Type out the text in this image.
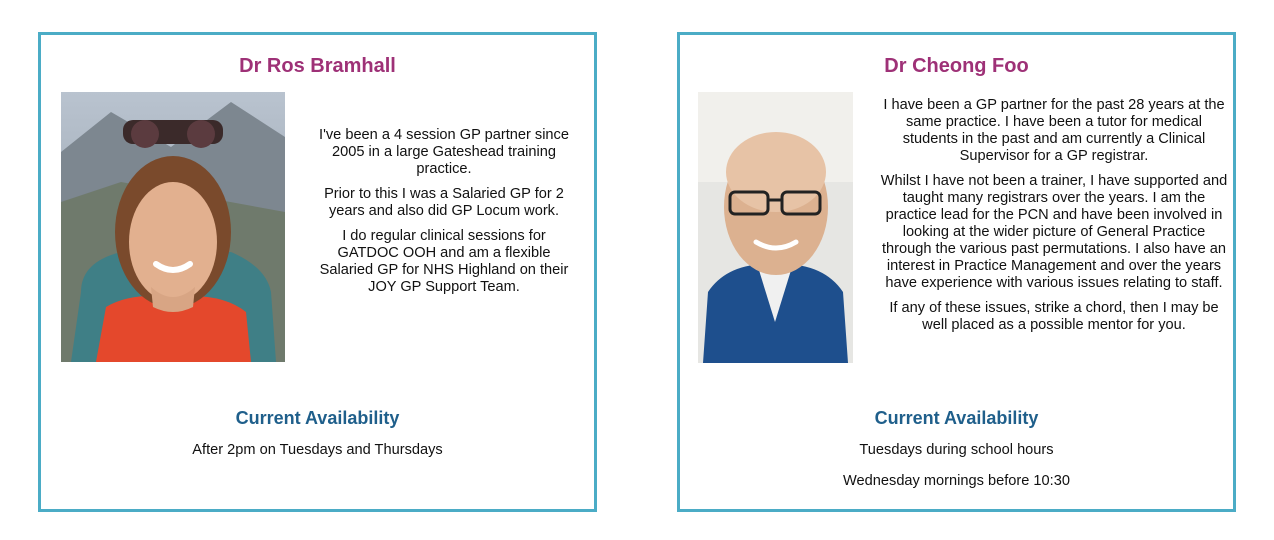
Dr Ros Bramhall

I've been a 4 session GP partner since 2005 in a large Gateshead training practice.

Prior to this I was a Salaried GP for 2 years and also did GP Locum work.

I do regular clinical sessions for GATDOC OOH and am a flexible Salaried GP for NHS Highland on their JOY GP Support Team.

Current Availability
After 2pm on Tuesdays and Thursdays
Dr Cheong Foo

I have been a GP partner for the past 28 years at the same practice. I have been a tutor for medical students in the past and am currently a Clinical Supervisor for a GP registrar.

Whilst I have not been a trainer, I have supported and taught many registrars over the years. I am the practice lead for the PCN and have been involved in looking at the wider picture of General Practice through the various past permutations. I also have an interest in Practice Management and over the years have experience with various issues relating to staff.

If any of these issues, strike a chord, then I may be well placed as a possible mentor for you.

Current Availability
Tuesdays during school hours
Wednesday mornings before 10:30
